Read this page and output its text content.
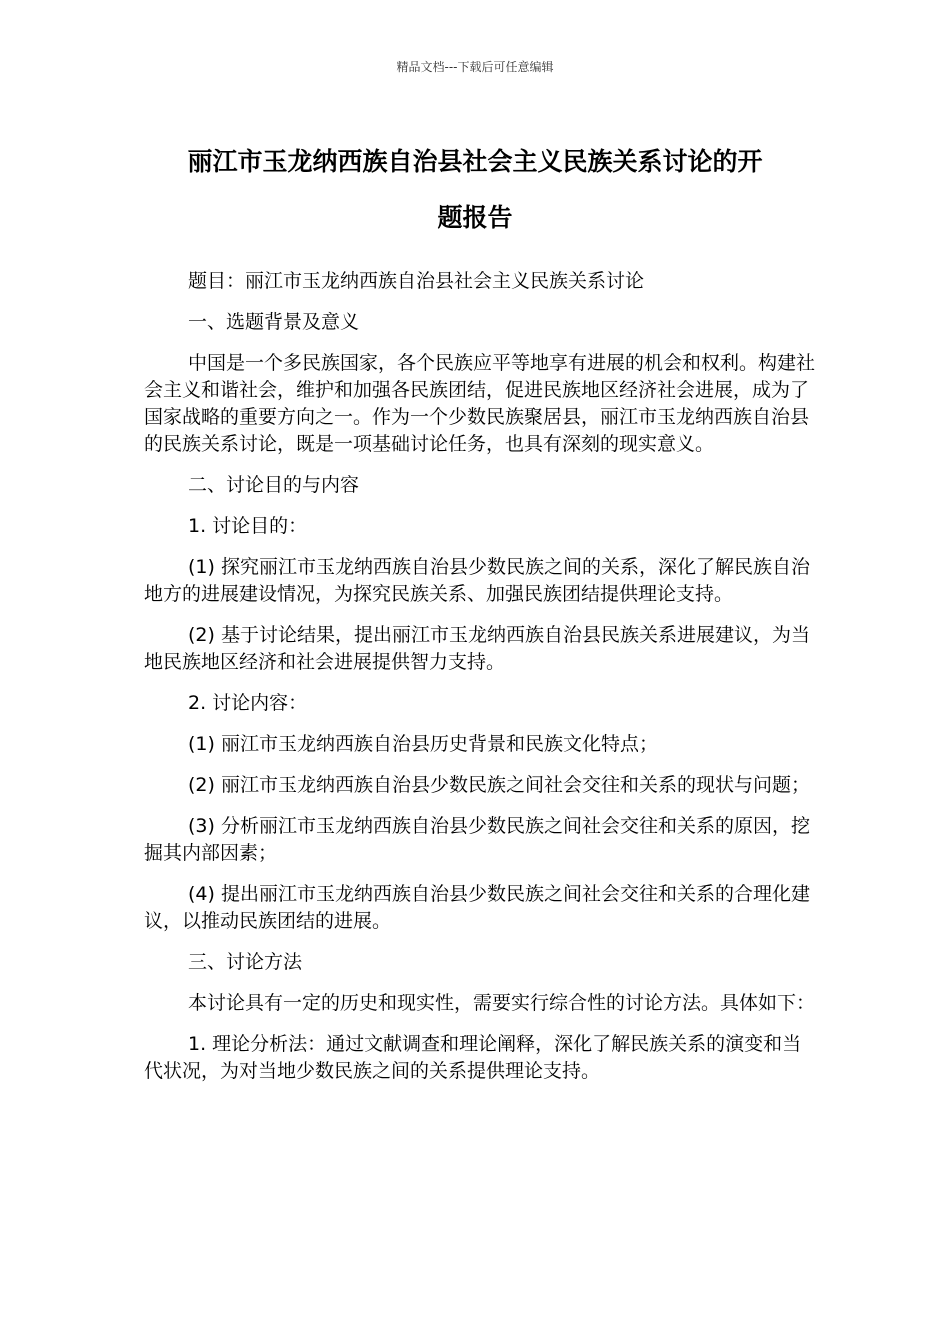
精品文档---下载后可任意编辑
丽江市玉龙纳西族自治县社会主义民族关系讨论的开
题报告

题目：丽江市玉龙纳西族自治县社会主义民族关系讨论

一、选题背景及意义

中国是一个多民族国家，各个民族应平等地享有进展的机会和权利。构建社会主义和谐社会，维护和加强各民族团结，促进民族地区经济社会进展，成为了国家战略的重要方向之一。作为一个少数民族聚居县，丽江市玉龙纳西族自治县的民族关系讨论，既是一项基础讨论任务，也具有深刻的现实意义。

二、讨论目的与内容

1. 讨论目的：

(1) 探究丽江市玉龙纳西族自治县少数民族之间的关系，深化了解民族自治地方的进展建设情况，为探究民族关系、加强民族团结提供理论支持。

(2) 基于讨论结果，提出丽江市玉龙纳西族自治县民族关系进展建议，为当地民族地区经济和社会进展提供智力支持。

2. 讨论内容：

(1) 丽江市玉龙纳西族自治县历史背景和民族文化特点；

(2) 丽江市玉龙纳西族自治县少数民族之间社会交往和关系的现状与问题；

(3) 分析丽江市玉龙纳西族自治县少数民族之间社会交往和关系的原因，挖掘其内部因素；

(4) 提出丽江市玉龙纳西族自治县少数民族之间社会交往和关系的合理化建议，以推动民族团结的进展。

三、讨论方法

本讨论具有一定的历史和现实性，需要实行综合性的讨论方法。具体如下：

1. 理论分析法：通过文献调查和理论阐释，深化了解民族关系的演变和当代状况，为对当地少数民族之间的关系提供理论支持。
